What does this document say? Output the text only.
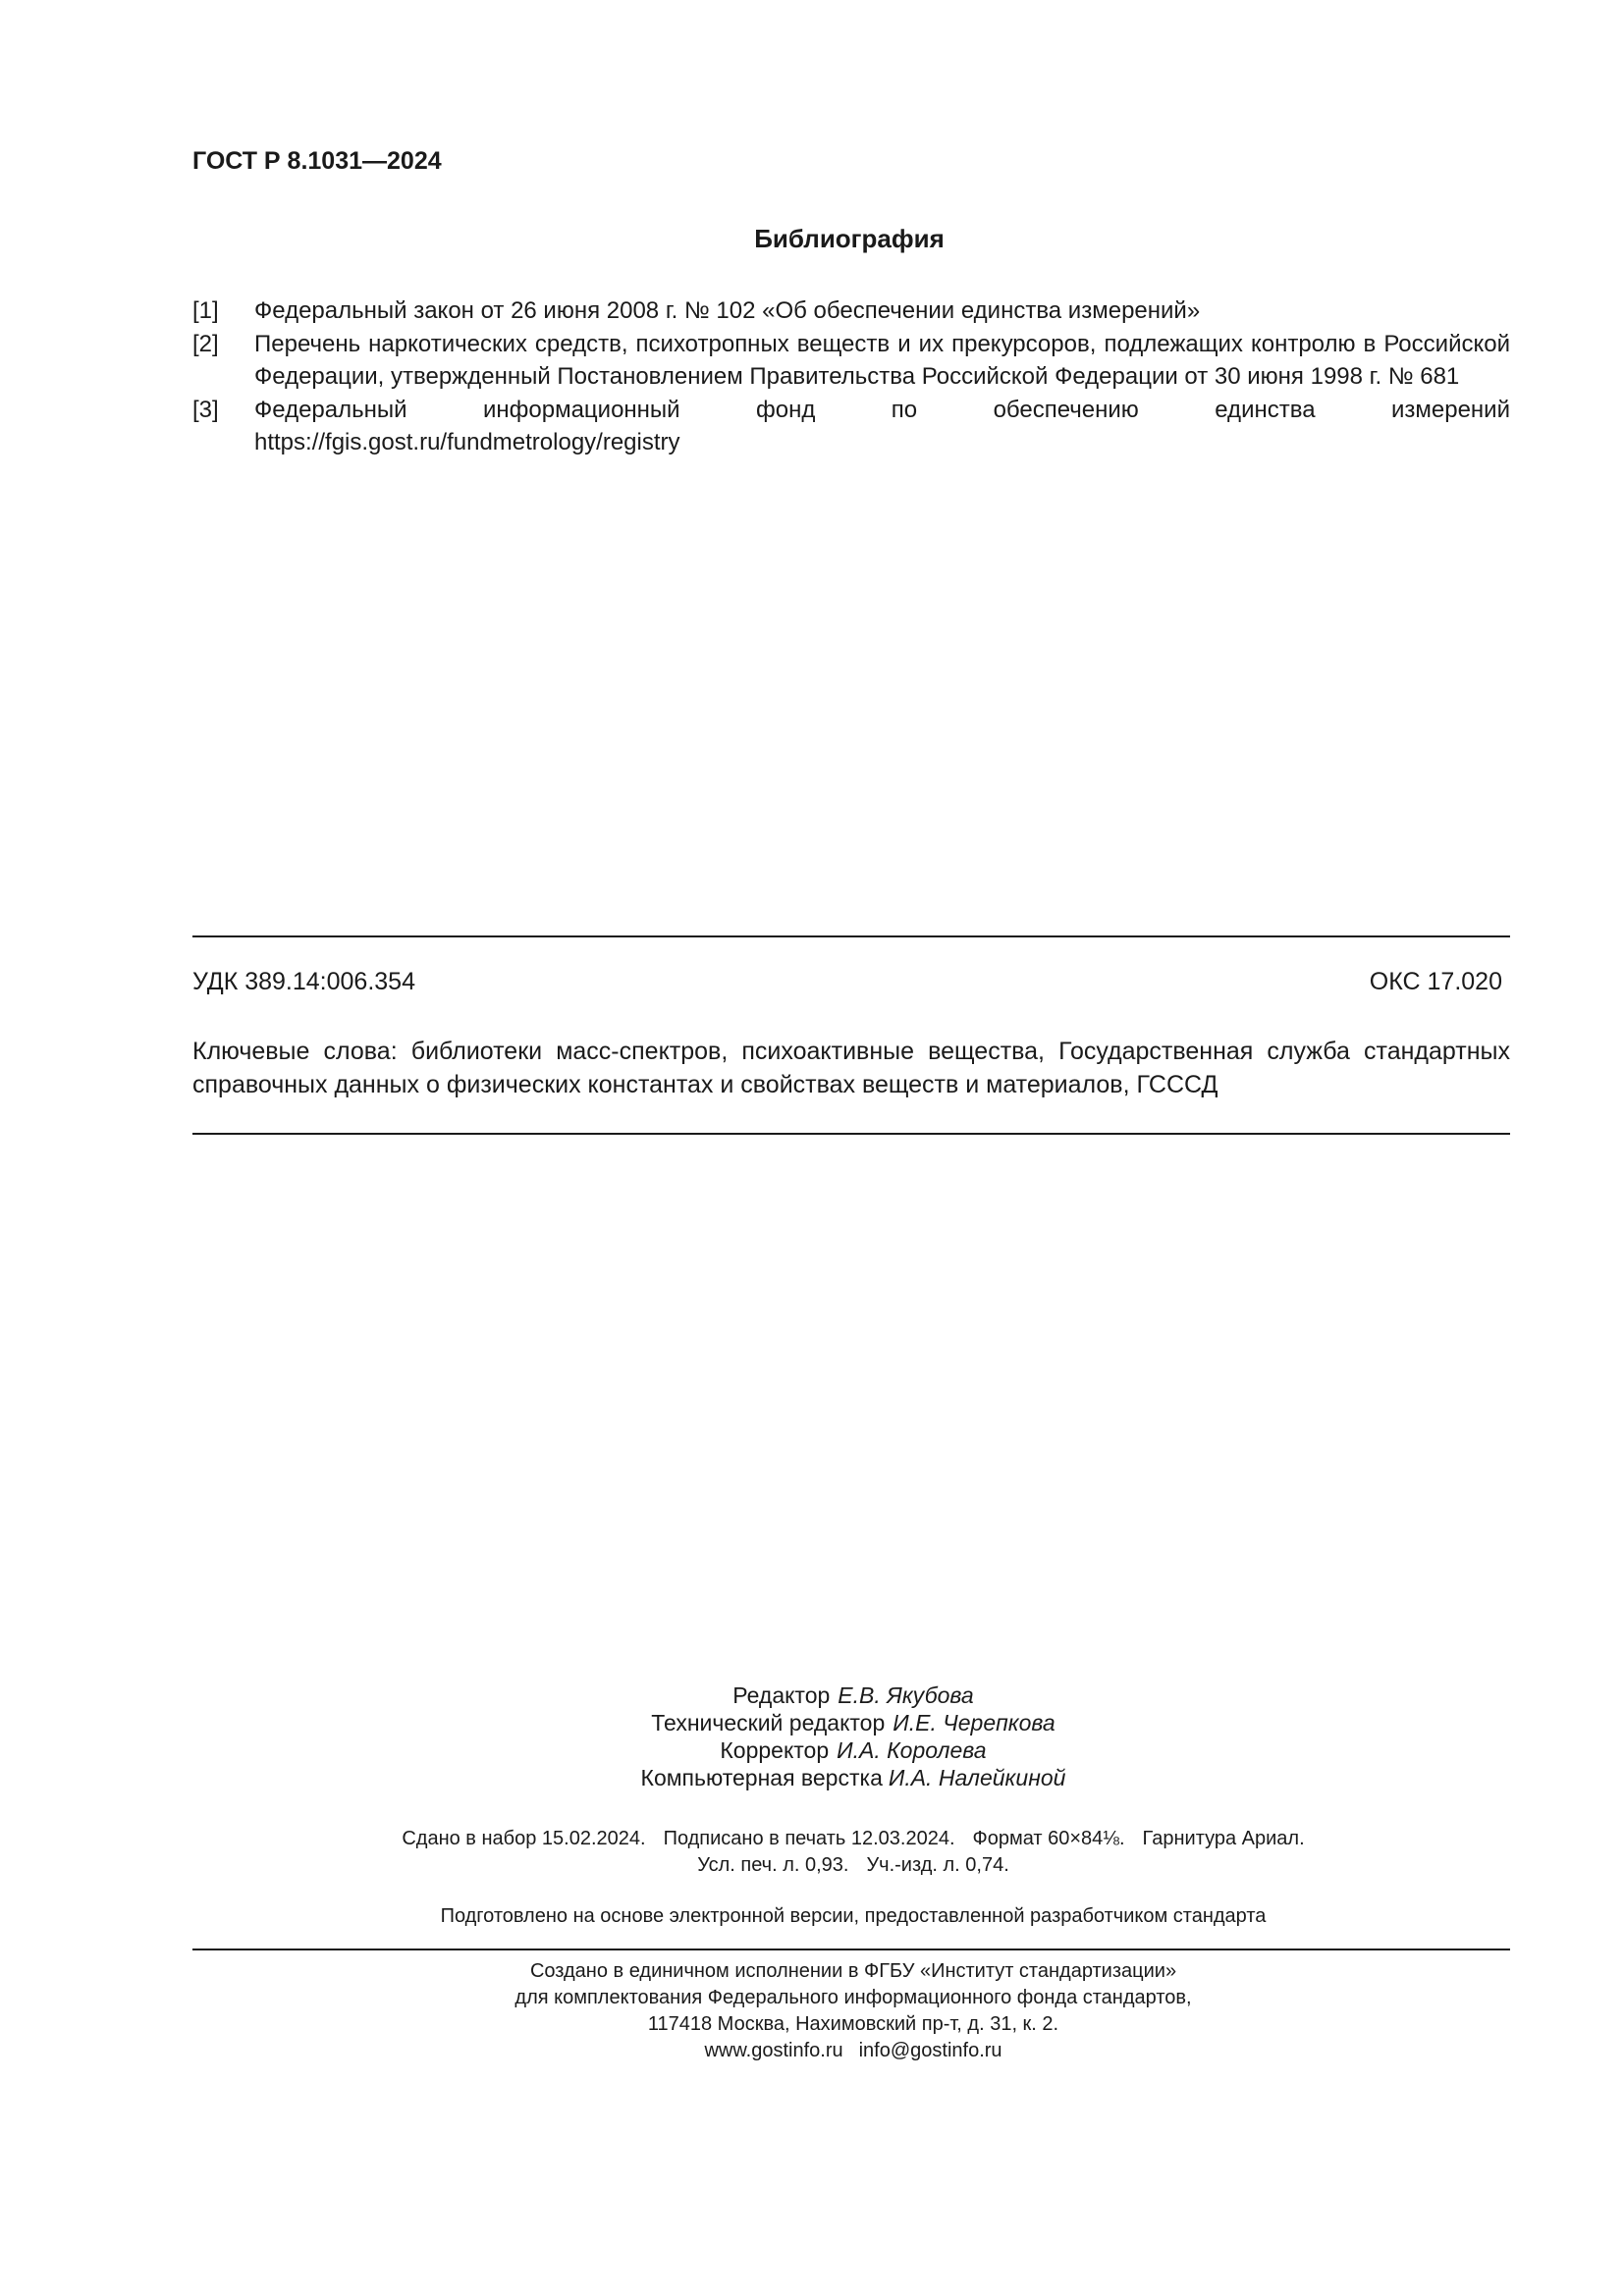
ГОСТ Р 8.1031—2024
Библиография
[1]	Федеральный закон от 26 июня 2008 г. № 102 «Об обеспечении единства измерений»
[2]	Перечень наркотических средств, психотропных веществ и их прекурсоров, подлежащих контролю в Российской Федерации, утвержденный Постановлением Правительства Российской Федерации от 30 июня 1998 г. № 681
[3]	Федеральный информационный фонд по обеспечению единства измерений https://fgis.gost.ru/fundmetrology/registry
УДК 389.14:006.354	ОКС 17.020

Ключевые слова: библиотеки масс-спектров, психоактивные вещества, Государственная служба стандартных справочных данных о физических константах и свойствах веществ и материалов, ГСССД

Редактор Е.В. Якубова
Технический редактор И.Е. Черепкова
Корректор И.А. Королева
Компьютерная верстка И.А. Налейкиной
Сдано в набор 15.02.2024. Подписано в печать 12.03.2024. Формат 60×84⅛. Гарнитура Ариал.
Усл. печ. л. 0,93. Уч.-изд. л. 0,74.
Подготовлено на основе электронной версии, предоставленной разработчиком стандарта
Создано в единичном исполнении в ФГБУ «Институт стандартизации»
для комплектования Федерального информационного фонда стандартов,
117418 Москва, Нахимовский пр-т, д. 31, к. 2.
www.gostinfo.ru info@gostinfo.ru
